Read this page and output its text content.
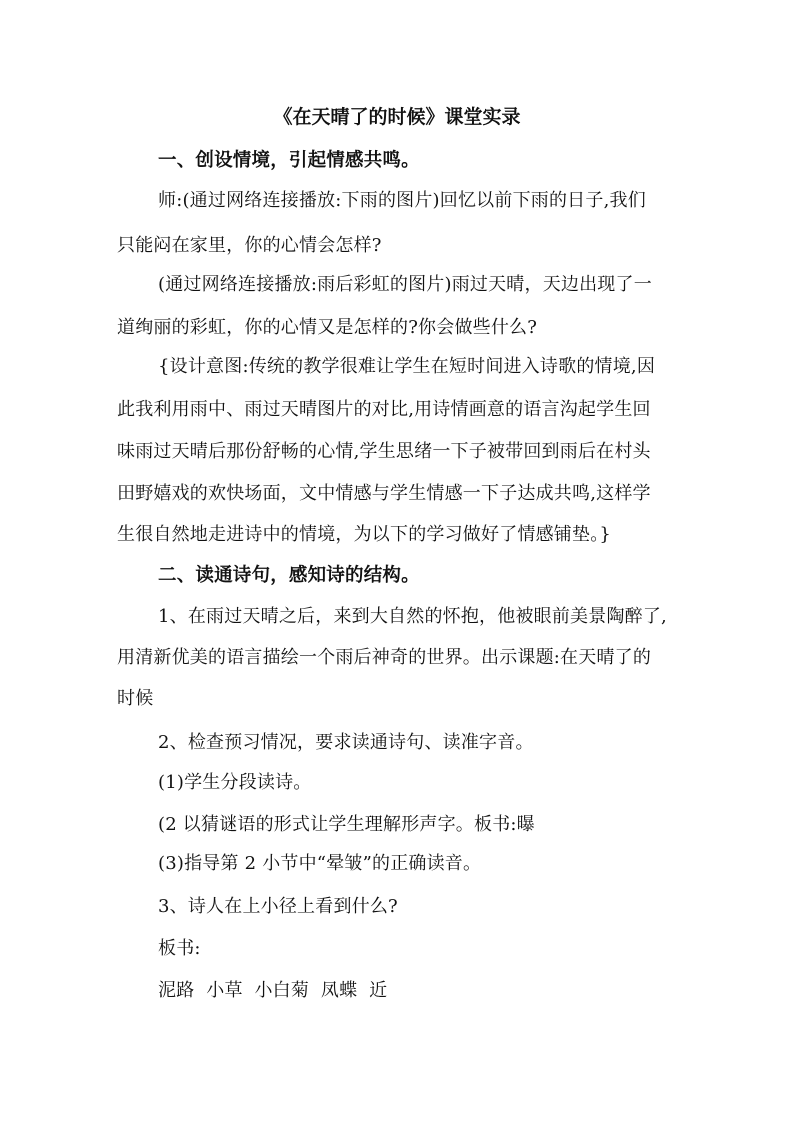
《在天晴了的时候》课堂实录

一、创设情境，引起情感共鸣。

师:(通过网络连接播放:下雨的图片)回忆以前下雨的日子,我们

只能闷在家里，你的心情会怎样?

(通过网络连接播放:雨后彩虹的图片)雨过天晴，天边出现了一

道绚丽的彩虹，你的心情又是怎样的?你会做些什么?

{设计意图:传统的教学很难让学生在短时间进入诗歌的情境,因

此我利用雨中、雨过天晴图片的对比,用诗情画意的语言沟起学生回

味雨过天晴后那份舒畅的心情,学生思绪一下子被带回到雨后在村头

田野嬉戏的欢快场面，文中情感与学生情感一下子达成共鸣,这样学

生很自然地走进诗中的情境，为以下的学习做好了情感铺垫。}

二、读通诗句，感知诗的结构。

1、在雨过天晴之后，来到大自然的怀抱，他被眼前美景陶醉了,

用清新优美的语言描绘一个雨后神奇的世界。出示课题:在天晴了的

时候

2、检查预习情况，要求读通诗句、读准字音。

(1)学生分段读诗。

(2 以猜谜语的形式让学生理解形声字。板书:曝

(3)指导第 2 小节中“晕皱”的正确读音。

3、诗人在上小径上看到什么?

板书:

泥路  小草  小白菊  凤蝶  近
